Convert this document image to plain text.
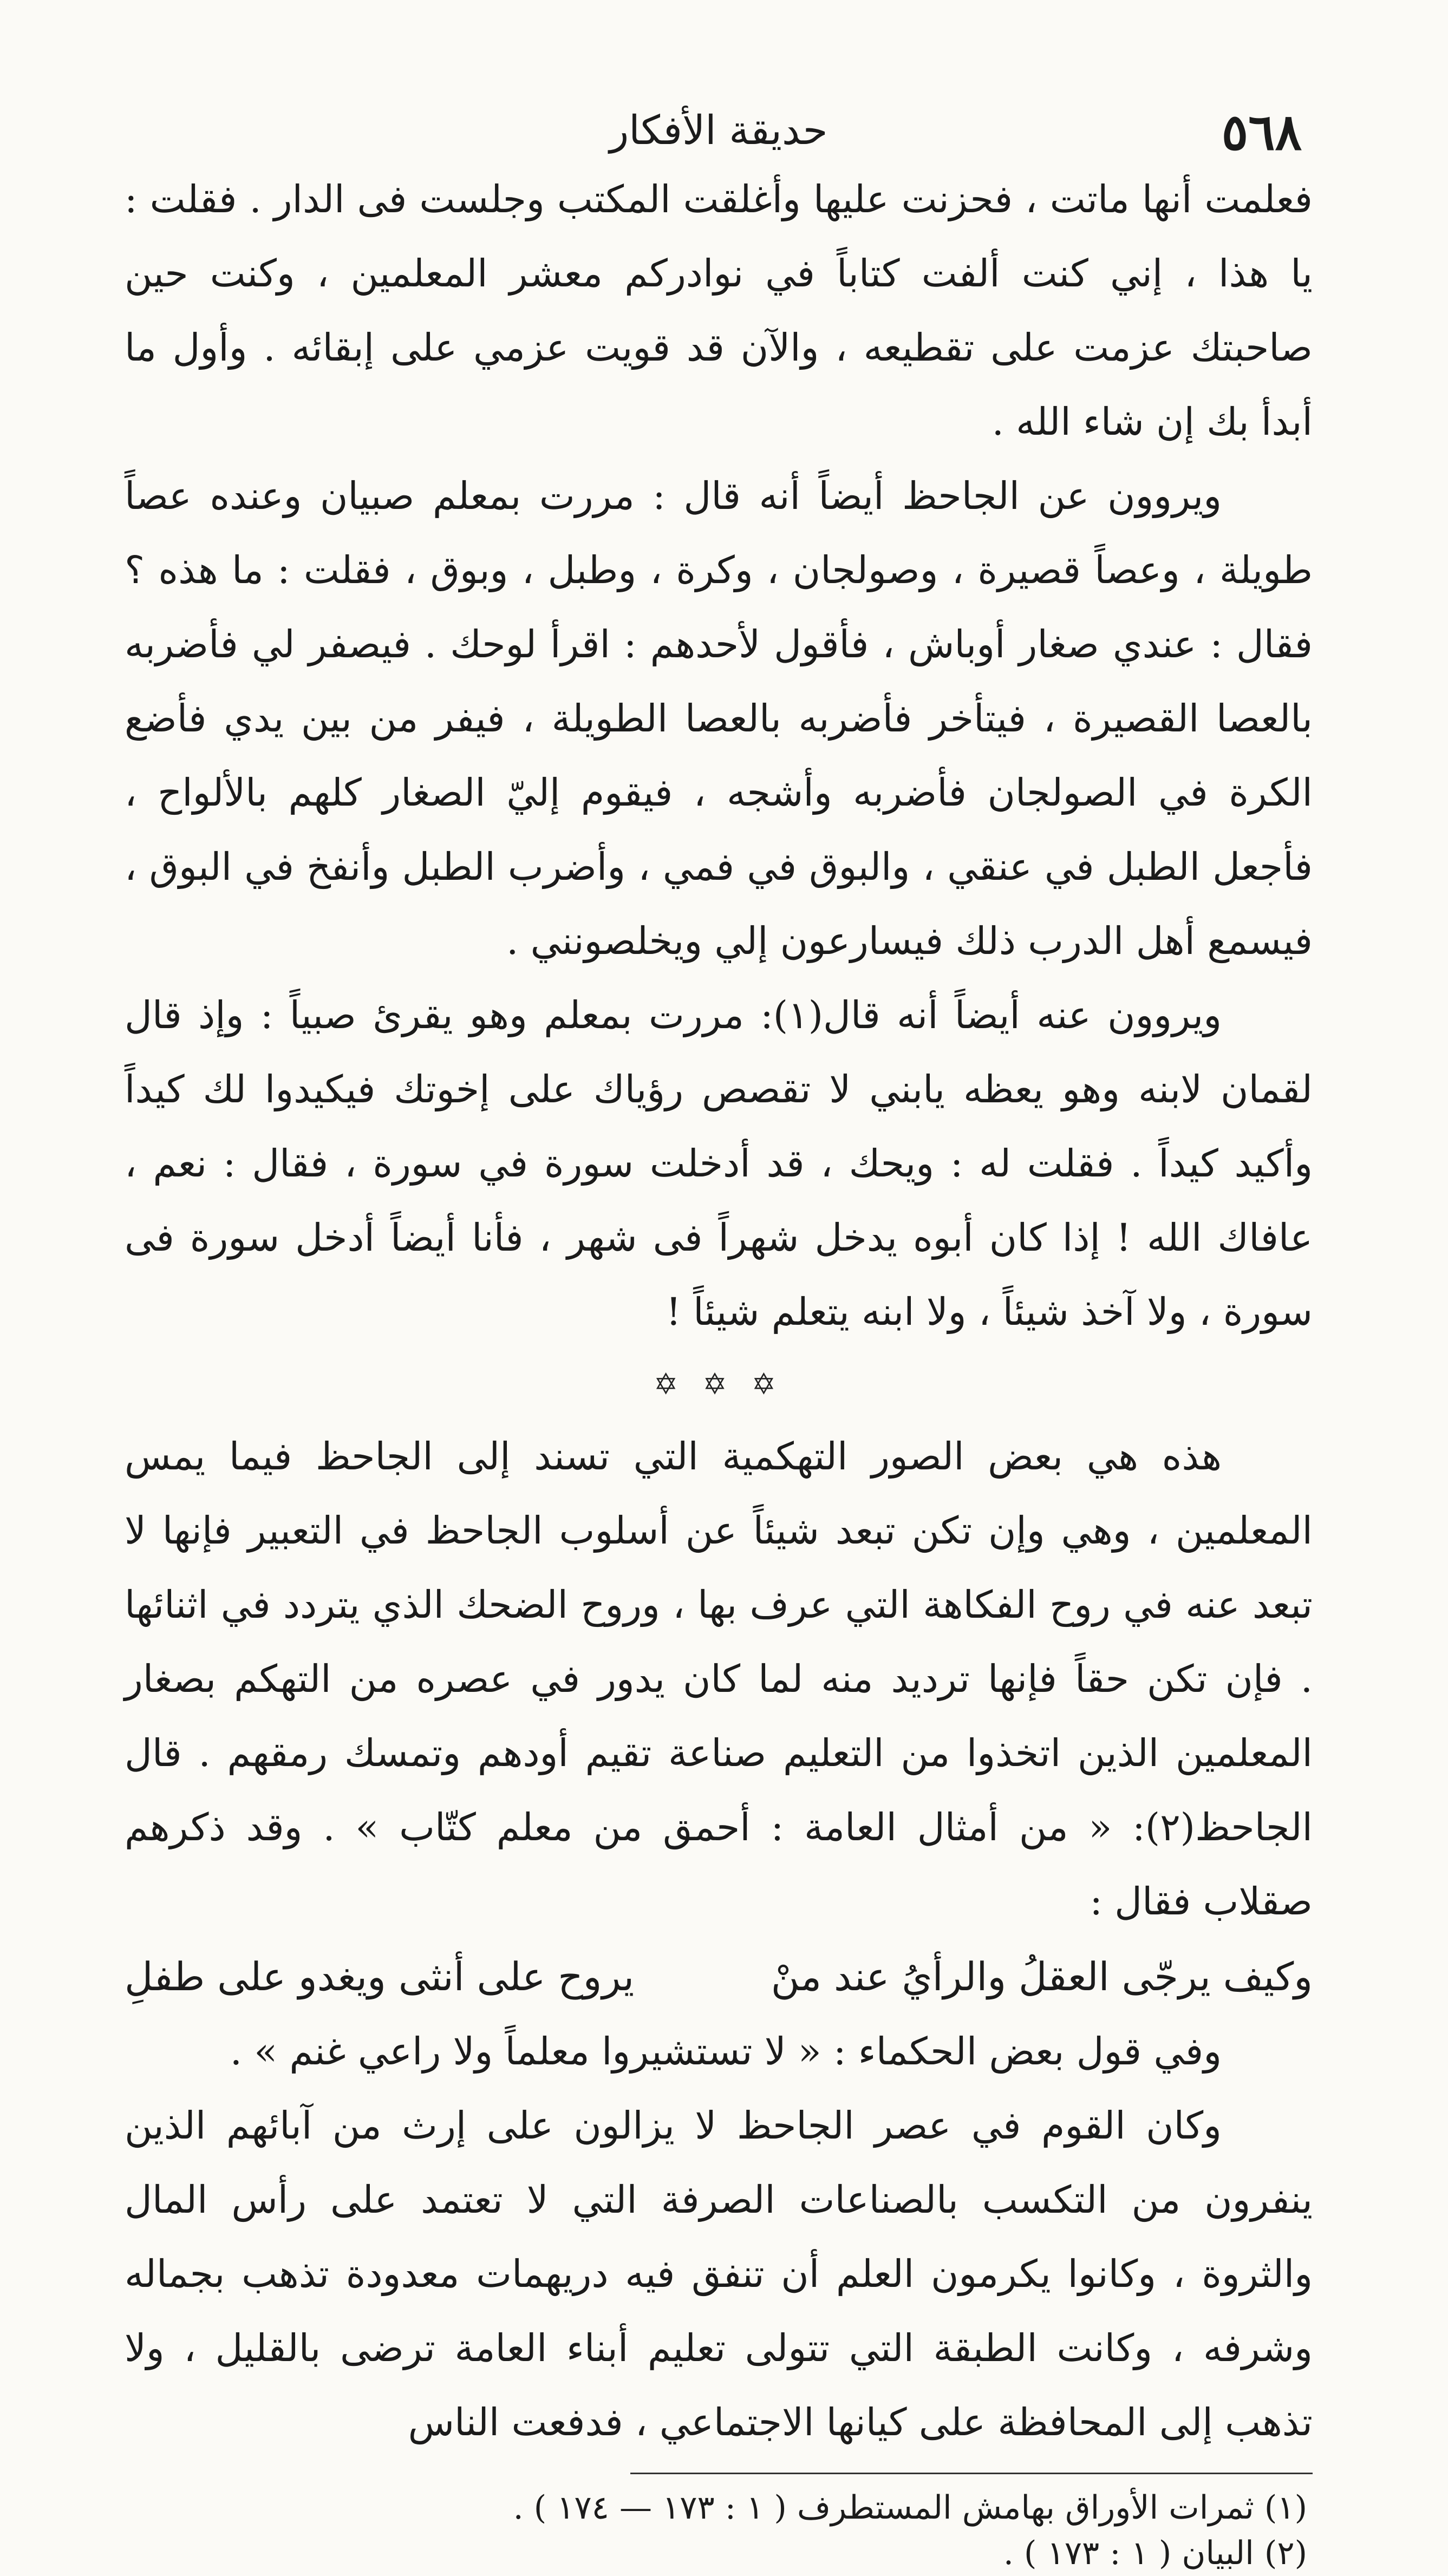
٥٦٨
حديقة الأفكار

فعلمت أنها ماتت ، فحزنت عليها وأغلقت المكتب وجلست فى الدار . فقلت : يا هذا ، إني كنت ألفت كتاباً في نوادركم معشر المعلمين ، وكنت حين صاحبتك عزمت على تقطيعه ، والآن قد قويت عزمي على إبقائه . وأول ما أبدأ بك إن شاء الله .

ويروون عن الجاحظ أيضاً أنه قال : مررت بمعلم صبيان وعنده عصاً طويلة ، وعصاً قصيرة ، وصولجان ، وكرة ، وطبل ، وبوق ، فقلت : ما هذه ؟ فقال : عندي صغار أوباش ، فأقول لأحدهم : اقرأ لوحك . فيصفر لي فأضربه بالعصا القصيرة ، فيتأخر فأضربه بالعصا الطويلة ، فيفر من بين يدي فأضع الكرة في الصولجان فأضربه وأشجه ، فيقوم إليّ الصغار كلهم بالألواح ، فأجعل الطبل في عنقي ، والبوق في فمي ، وأضرب الطبل وأنفخ في البوق ، فيسمع أهل الدرب ذلك فيسارعون إلي ويخلصونني .

ويروون عنه أيضاً أنه قال(١): مررت بمعلم وهو يقرئ صبياً : وإذ قال لقمان لابنه وهو يعظه يابني لا تقصص رؤياك على إخوتك فيكيدوا لك كيداً وأكيد كيداً . فقلت له : ويحك ، قد أدخلت سورة في سورة ، فقال : نعم ، عافاك الله ! إذا كان أبوه يدخل شهراً فى شهر ، فأنا أيضاً أدخل سورة فى سورة ، ولا آخذ شيئاً ، ولا ابنه يتعلم شيئاً !

✡ ✡ ✡

هذه هي بعض الصور التهكمية التي تسند إلى الجاحظ فيما يمس المعلمين ، وهي وإن تكن تبعد شيئاً عن أسلوب الجاحظ في التعبير فإنها لا تبعد عنه في روح الفكاهة التي عرف بها ، وروح الضحك الذي يتردد في اثنائها . فإن تكن حقاً فإنها ترديد منه لما كان يدور في عصره من التهكم بصغار المعلمين الذين اتخذوا من التعليم صناعة تقيم أودهم وتمسك رمقهم . قال الجاحظ(٢): « من أمثال العامة : أحمق من معلم كتّاب » . وقد ذكرهم صقلاب فقال :

وكيف يرجّى العقلُ والرأيُ عند منْ
يروح على أنثى ويغدو على طفلِ

وفي قول بعض الحكماء : « لا تستشيروا معلماً ولا راعي غنم » .

وكان القوم في عصر الجاحظ لا يزالون على إرث من آبائهم الذين ينفرون من التكسب بالصناعات الصرفة التي لا تعتمد على رأس المال والثروة ، وكانوا يكرمون العلم أن تنفق فيه دريهمات معدودة تذهب بجماله وشرفه ، وكانت الطبقة التي تتولى تعليم أبناء العامة ترضى بالقليل ، ولا تذهب إلى المحافظة على كيانها الاجتماعي ، فدفعت الناس

(١) ثمرات الأوراق بهامش المستطرف ( ١ : ١٧٣ — ١٧٤ ) .
(٢) البيان ( ١ : ١٧٣ ) .
